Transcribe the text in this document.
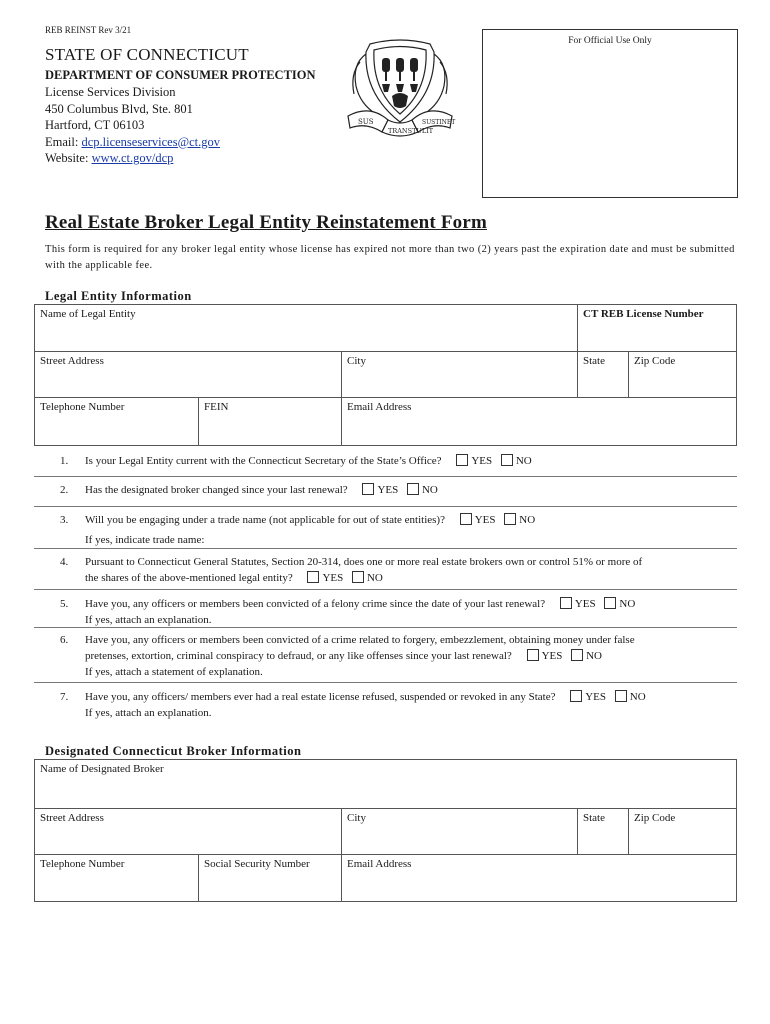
REB REINST Rev 3/21
STATE OF CONNECTICUT
DEPARTMENT OF CONSUMER PROTECTION
License Services Division
450 Columbus Blvd, Ste. 801
Hartford, CT 06103
Email: dcp.licenseservices@ct.gov
Website: www.ct.gov/dcp
SUS
TRANSTULIT
SUSTINET
For Official Use Only
Real Estate Broker Legal Entity Reinstatement Form
This form is required for any broker legal entity whose license has expired not more than two (2) years past the expiration date and must be submitted with the applicable fee.
Legal Entity Information
Name of Legal Entity	CT REB License Number
Street Address	City	State	Zip Code
Telephone Number	FEIN	Email Address
1. Is your Legal Entity current with the Connecticut Secretary of the State’s Office?	YES NO
2. Has the designated broker changed since your last renewal?	YES NO
3. Will you be engaging under a trade name (not applicable for out of state entities)?	YES NO
If yes, indicate trade name:
4. Pursuant to Connecticut General Statutes, Section 20-314, does one or more real estate brokers own or control 51% or more of
the shares of the above-mentioned legal entity?	YES NO
5. Have you, any officers or members been convicted of a felony crime since the date of your last renewal?	YES NO
If yes, attach an explanation.
6. Have you, any officers or members been convicted of a crime related to forgery, embezzlement, obtaining money under false
pretenses, extortion, criminal conspiracy to defraud, or any like offenses since your last renewal?	YES NO
If yes, attach a statement of explanation.
7. Have you, any officers/ members ever had a real estate license refused, suspended or revoked in any State?	YES NO
If yes, attach an explanation.
Designated Connecticut Broker Information
Name of Designated Broker
Street Address	City	State	Zip Code
Telephone Number	Social Security Number	Email Address
